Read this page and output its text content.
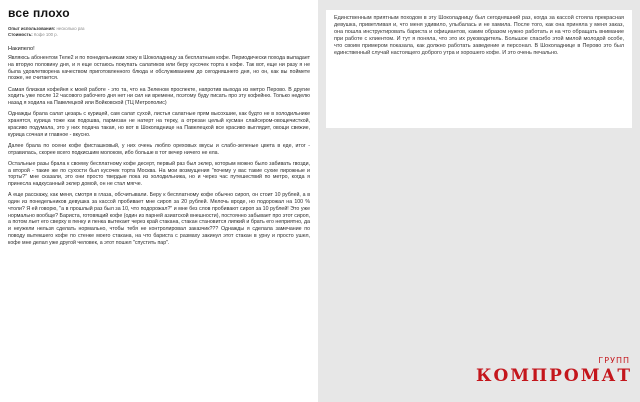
все плохо
Опыт использования: несколько раз
Стоимость: Кофе 100 р.
Накипело!

Являюсь абонентом Теле2 и по понедельникам хожу в Шоколадницу за бесплатным кофе. Периодически похода выпадает на вторую половину дня, и я еще остаюсь покупать салатиков или беру кусочек торта к кофе. Так вот, еще ни разу я не была удовлетворена качеством приготовленного блюда и обслуживанием до сегодняшнего дня, но он, как вы поймете позже, не считается.

Самая близкая кофейня к моей работе - это та, что на Зеленом проспекте, напротив выхода из метро Перово. В другие ходить уже после 12 часового рабочего дня нет ни сил ни времени, поэтому буду писать про эту кофейню. Только неделю назад я ходила на Павелецкой или Войковской (ТЦ Метрополис)

Однажды брала салат цезарь с курицей, сам салат сухой, листья салатные прям высохшие, как будто не в холодильнике хранятся, курица тоже как подошва, пармезан не натерт на терку, а отрезан целый кусман слайсером-овощечисткой, красиво подумала, это у них подача такая, но вот в Шоколаднице на Павелецкой все красиво выглядит, овощи свежие, курица сочная и главное - вкусно.

Далее брала по осени кофе фисташковый, у них очень любло ореховых вкусы и слабо-зеленые цвета в еде, итог - отравилась, скорее всего подкисшим молоком, ибо больше в тот вечер ничего не ела.

Остальные разы брала к своему бесплатному кофе десерт, первый раз был эклер, которым можно было забивать гвозди, а второй - такие же по сухости был кусочек торта Москва. На мои возмущения "почему у вас такие сухие пирожные и торты?" мне сказали, это они просто твердые пока из холодильника, но и через час путешествий по метро, когда я принесла надкусанный эклер домой, он не стал мягче.

А еще расскажу, как меня, смотря в глаза, обсчитывали. Беру к бесплатному кофе обычно сироп, он стоит 10 рублей, а в один из понедельников девушка за кассой пробивает мне сироп за 20 рублей. Мелочь вроде, но подорожал на 100 % чтоли? Я ей говорю, "а в прошлый раз был за 10, что подорожал?" и мне без слов пробивают сироп за 10 рублей! Это уже нормально вообще? Бариста, готовящий кофе (один из парней азиатской внешности), постоянно забывает про этот сироп, а потом льет его сверху в пенку и пенка вытекает через край стакана, стакан становится липкий и брать его неприятно, да и неужели нельзя сделать нормально, чтобы тебя не контролировал заказчик??? Однажды я сделала замечание по поводу вытекшего кофе по стенке моего стакана, на что бариста с размаху закинул этот стакан в урну и просто ушел, кофе мне делал уже другой человек, а этот пошел "спустить пар".

Единственным приятным походом в эту Шоколадницу был сегодняшний раз, когда за кассой стояла прекрасная девушка, приветливая и, что меня удивило, улыбалась и не хамила. После того, как она приняла у меня заказ, она пошла инструктировать бариста и официантов, каким образом нужно работать и на что обращать внимание при работе с клиентом. И тут я поняла, что это их руководитель. Большое спасибо этой милой молодой особе, что своим примером показала, как должно работать заведение и персонал. В Шоколаднице в Перово это был единственный случай настоящего доброго утра и хорошего кофе. И это очень печально.

ГРУПП
КОМПРОМАТ
